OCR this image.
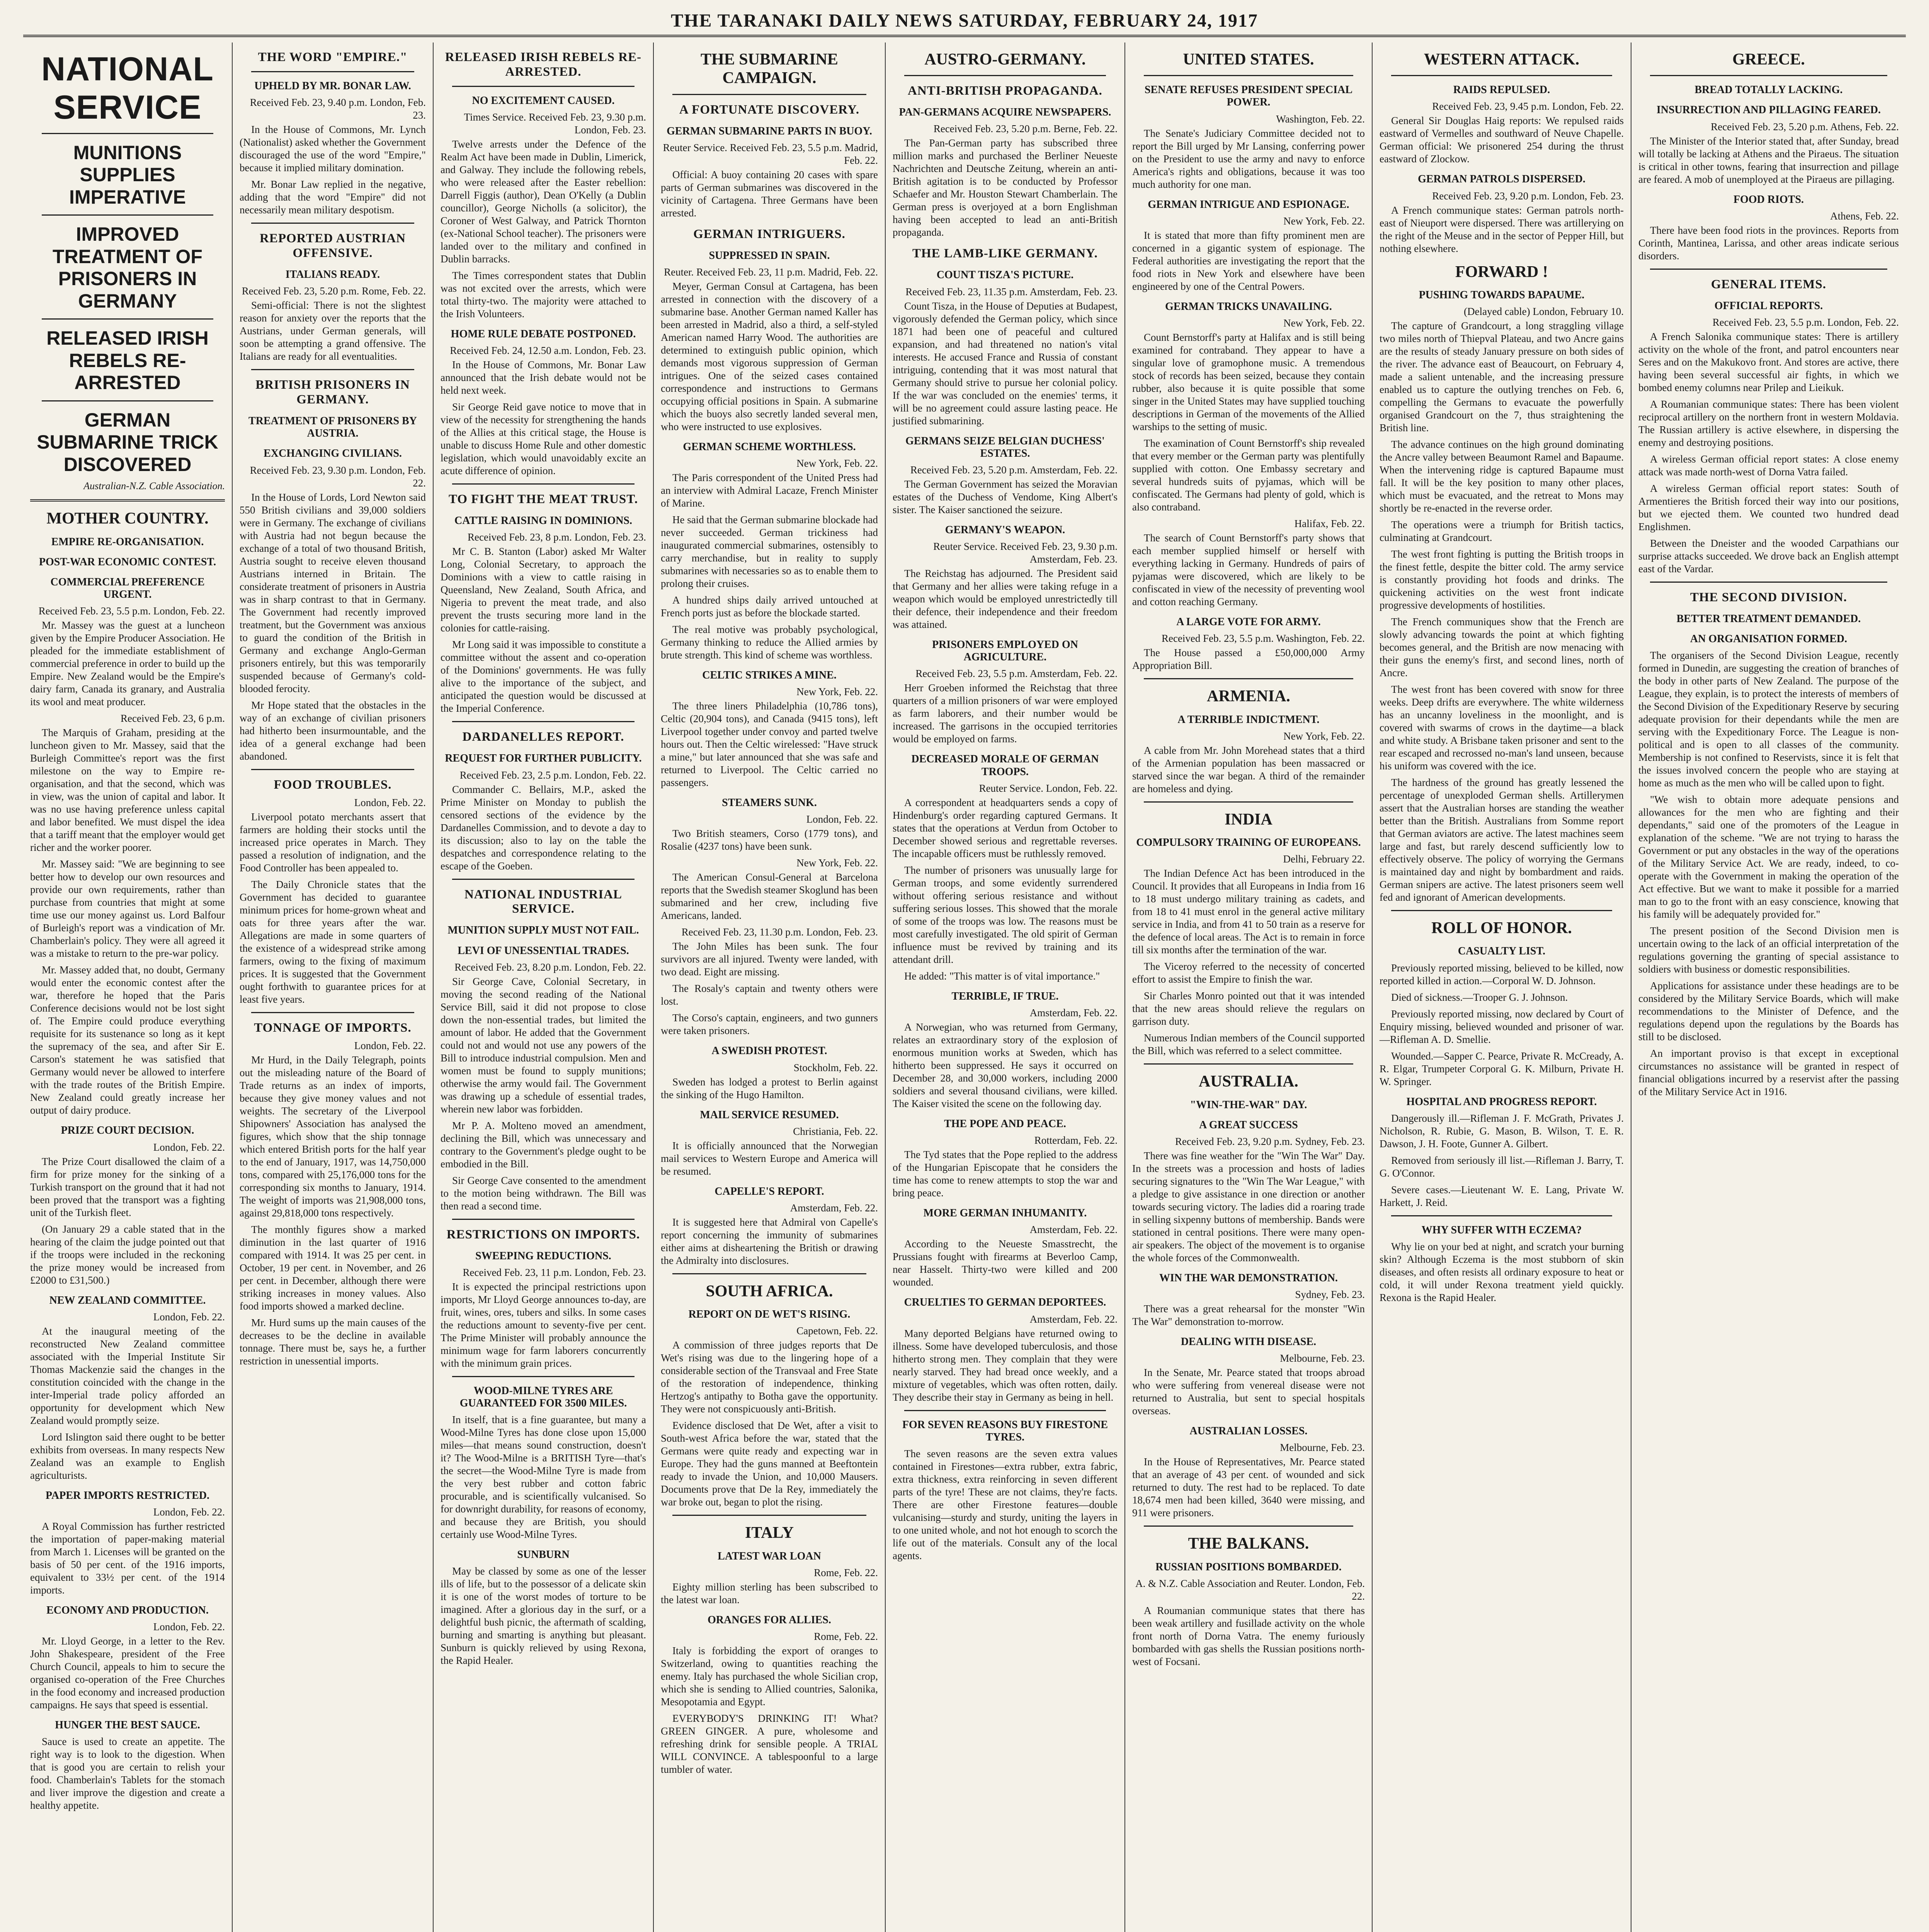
THE TARANAKI DAILY NEWS SATURDAY, FEBRUARY 24, 1917
NATIONAL SERVICE
MUNITIONS SUPPLIES IMPERATIVE
IMPROVED TREATMENT OF PRISONERS IN GERMANY
RELEASED IRISH REBELS RE-ARRESTED
GERMAN SUBMARINE TRICK DISCOVERED
Australian-N.Z. Cable Association.
MOTHER COUNTRY.
EMPIRE RE-ORGANISATION.
POST-WAR ECONOMIC CONTEST.
COMMERCIAL PREFERENCE URGENT.
Received Feb. 23, 5.5 p.m. London, Feb. 22.

Mr. Massey was the guest at a luncheon given by the Empire Producer Association. He pleaded for the immediate establishment of commercial preference in order to build up the Empire. New Zealand would be the Empire's dairy farm, Canada its granary, and Australia its wool and meat producer.

Received Feb. 23, 6 p.m.

The Marquis of Graham, presiding at the luncheon given to Mr. Massey, said that the Burleigh Committee's report was the first milestone on the way to Empire re-organisation, and that the second, which was in view, was the union of capital and labor. It was no use having preference unless capital and labor benefited. We must dispel the idea that a tariff meant that the employer would get richer and the worker poorer.

Mr. Massey said: "We are beginning to see better how to develop our own resources and provide our own requirements, rather than purchase from countries that might at some time use our money against us. Lord Balfour of Burleigh's report was a vindication of Mr. Chamberlain's policy. They were all agreed it was a mistake to return to the pre-war policy.

Mr. Massey added that, no doubt, Germany would enter the economic contest after the war, therefore he hoped that the Paris Conference decisions would not be lost sight of. The Empire could produce everything requisite for its sustenance so long as it kept the supremacy of the sea, and after Sir E. Carson's statement he was satisfied that Germany would never be allowed to interfere with the trade routes of the British Empire. New Zealand could greatly increase her output of dairy produce.

PRIZE COURT DECISION.
London, Feb. 22.

The Prize Court disallowed the claim of a firm for prize money for the sinking of a Turkish transport on the ground that it had not been proved that the transport was a fighting unit of the Turkish fleet.

(On January 29 a cable stated that in the hearing of the claim the judge pointed out that if the troops were included in the reckoning the prize money would be increased from £2000 to £31,500.)

NEW ZEALAND COMMITTEE.
London, Feb. 22.

At the inaugural meeting of the reconstructed New Zealand committee associated with the Imperial Institute Sir Thomas Mackenzie said the changes in the constitution coincided with the change in the inter-Imperial trade policy afforded an opportunity for development which New Zealand would promptly seize.

Lord Islington said there ought to be better exhibits from overseas. In many respects New Zealand was an example to English agriculturists.

PAPER IMPORTS RESTRICTED.
London, Feb. 22.

A Royal Commission has further restricted the importation of paper-making material from March 1. Licenses will be granted on the basis of 50 per cent. of the 1916 imports, equivalent to 33½ per cent. of the 1914 imports.

ECONOMY AND PRODUCTION.
London, Feb. 22.

Mr. Lloyd George, in a letter to the Rev. John Shakespeare, president of the Free Church Council, appeals to him to secure the organised co-operation of the Free Churches in the food economy and increased production campaigns. He says that speed is essential.

HUNGER THE BEST SAUCE.

Sauce is used to create an appetite. The right way is to look to the digestion. When that is good you are certain to relish your food. Chamberlain's Tablets for the stomach and liver improve the digestion and create a healthy appetite.

THE WORD "EMPIRE."
UPHELD BY MR. BONAR LAW.
Received Feb. 23, 9.40 p.m. London, Feb. 23.

In the House of Commons, Mr. Lynch (Nationalist) asked whether the Government discouraged the use of the word "Empire," because it implied military domination.

Mr. Bonar Law replied in the negative, adding that the word "Empire" did not necessarily mean military despotism.

REPORTED AUSTRIAN OFFENSIVE.
ITALIANS READY.
Received Feb. 23, 5.20 p.m. Rome, Feb. 22.

Semi-official: There is not the slightest reason for anxiety over the reports that the Austrians, under German generals, will soon be attempting a grand offensive. The Italians are ready for all eventualities.

BRITISH PRISONERS IN GERMANY.
TREATMENT OF PRISONERS BY AUSTRIA.
EXCHANGING CIVILIANS.
Received Feb. 23, 9.30 p.m. London, Feb. 22.

In the House of Lords, Lord Newton said 550 British civilians and 39,000 soldiers were in Germany. The exchange of civilians with Austria had not begun because the exchange of a total of two thousand British, Austria sought to receive eleven thousand Austrians interned in Britain. The considerate treatment of prisoners in Austria was in sharp contrast to that in Germany. The Government had recently improved treatment, but the Government was anxious to guard the condition of the British in Germany and exchange Anglo-German prisoners entirely, but this was temporarily suspended because of Germany's cold-blooded ferocity.

Mr Hope stated that the obstacles in the way of an exchange of civilian prisoners had hitherto been insurmountable, and the idea of a general exchange had been abandoned.

FOOD TROUBLES.
London, Feb. 22.

Liverpool potato merchants assert that farmers are holding their stocks until the increased price operates in March. They passed a resolution of indignation, and the Food Controller has been appealed to.

The Daily Chronicle states that the Government has decided to guarantee minimum prices for home-grown wheat and oats for three years after the war. Allegations are made in some quarters of the existence of a widespread strike among farmers, owing to the fixing of maximum prices. It is suggested that the Government ought forthwith to guarantee prices for at least five years.

TONNAGE OF IMPORTS.
London, Feb. 22.

Mr Hurd, in the Daily Telegraph, points out the misleading nature of the Board of Trade returns as an index of imports, because they give money values and not weights. The secretary of the Liverpool Shipowners' Association has analysed the figures, which show that the ship tonnage which entered British ports for the half year to the end of January, 1917, was 14,750,000 tons, compared with 25,176,000 tons for the corresponding six months to January, 1914. The weight of imports was 21,908,000 tons, against 29,818,000 tons respectively.

The monthly figures show a marked diminution in the last quarter of 1916 compared with 1914. It was 25 per cent. in October, 19 per cent. in November, and 26 per cent. in December, although there were striking increases in money values. Also food imports showed a marked decline.

Mr. Hurd sums up the main causes of the decreases to be the decline in available tonnage. There must be, says he, a further restriction in unessential imports.

RELEASED IRISH REBELS RE-ARRESTED.
NO EXCITEMENT CAUSED.
Times Service. Received Feb. 23, 9.30 p.m. London, Feb. 23.

Twelve arrests under the Defence of the Realm Act have been made in Dublin, Limerick, and Galway. They include the following rebels, who were released after the Easter rebellion: Darrell Figgis (author), Dean O'Kelly (a Dublin councillor), George Nicholls (a solicitor), the Coroner of West Galway, and Patrick Thornton (ex-National School teacher). The prisoners were landed over to the military and confined in Dublin barracks.

The Times correspondent states that Dublin was not excited over the arrests, which were total thirty-two. The majority were attached to the Irish Volunteers.

HOME RULE DEBATE POSTPONED.
Received Feb. 24, 12.50 a.m. London, Feb. 23.

In the House of Commons, Mr. Bonar Law announced that the Irish debate would not be held next week.

Sir George Reid gave notice to move that in view of the necessity for strengthening the hands of the Allies at this critical stage, the House is unable to discuss Home Rule and other domestic legislation, which would unavoidably excite an acute difference of opinion.

TO FIGHT THE MEAT TRUST.
CATTLE RAISING IN DOMINIONS.
Received Feb. 23, 8 p.m. London, Feb. 23.

Mr C. B. Stanton (Labor) asked Mr Walter Long, Colonial Secretary, to approach the Dominions with a view to cattle raising in Queensland, New Zealand, South Africa, and Nigeria to prevent the meat trade, and also prevent the trusts securing more land in the colonies for cattle-raising.

Mr Long said it was impossible to constitute a committee without the assent and co-operation of the Dominions' governments. He was fully alive to the importance of the subject, and anticipated the question would be discussed at the Imperial Conference.

DARDANELLES REPORT.
REQUEST FOR FURTHER PUBLICITY.
Received Feb. 23, 2.5 p.m. London, Feb. 22.

Commander C. Bellairs, M.P., asked the Prime Minister on Monday to publish the censored sections of the evidence by the Dardanelles Commission, and to devote a day to its discussion; also to lay on the table the despatches and correspondence relating to the escape of the Goeben.

NATIONAL INDUSTRIAL SERVICE.
MUNITION SUPPLY MUST NOT FAIL.
LEVI OF UNESSENTIAL TRADES.
Received Feb. 23, 8.20 p.m. London, Feb. 22.

Sir George Cave, Colonial Secretary, in moving the second reading of the National Service Bill, said it did not propose to close down the non-essential trades, but limited the amount of labor. He added that the Government could not and would not use any powers of the Bill to introduce industrial compulsion. Men and women must be found to supply munitions; otherwise the army would fail. The Government was drawing up a schedule of essential trades, wherein new labor was forbidden.

Mr P. A. Molteno moved an amendment, declining the Bill, which was unnecessary and contrary to the Government's pledge ought to be embodied in the Bill.

Sir George Cave consented to the amendment to the motion being withdrawn. The Bill was then read a second time.

RESTRICTIONS ON IMPORTS.
SWEEPING REDUCTIONS.
Received Feb. 23, 11 p.m. London, Feb. 23.

It is expected the principal restrictions upon imports, Mr Lloyd George announces to-day, are fruit, wines, ores, tubers and silks. In some cases the reductions amount to seventy-five per cent. The Prime Minister will probably announce the minimum wage for farm laborers concurrently with the minimum grain prices.

WOOD-MILNE TYRES ARE GUARANTEED FOR 3500 MILES.

In itself, that is a fine guarantee, but many a Wood-Milne Tyres has done close upon 15,000 miles—that means sound construction, doesn't it? The Wood-Milne is a BRITISH Tyre—that's the secret—the Wood-Milne Tyre is made from the very best rubber and cotton fabric procurable, and is scientifically vulcanised. So for downright durability, for reasons of economy, and because they are British, you should certainly use Wood-Milne Tyres.

SUNBURN

May be classed by some as one of the lesser ills of life, but to the possessor of a delicate skin it is one of the worst modes of torture to be imagined. After a glorious day in the surf, or a delightful bush picnic, the aftermath of scalding, burning and smarting is anything but pleasant. Sunburn is quickly relieved by using Rexona, the Rapid Healer.

THE SUBMARINE CAMPAIGN.
A FORTUNATE DISCOVERY.
GERMAN SUBMARINE PARTS IN BUOY.
Reuter Service. Received Feb. 23, 5.5 p.m. Madrid, Feb. 22.

Official: A buoy containing 20 cases with spare parts of German submarines was discovered in the vicinity of Cartagena. Three Germans have been arrested.

GERMAN INTRIGUERS.
SUPPRESSED IN SPAIN.
Reuter. Received Feb. 23, 11 p.m. Madrid, Feb. 22.

Meyer, German Consul at Cartagena, has been arrested in connection with the discovery of a submarine base. Another German named Kaller has been arrested in Madrid, also a third, a self-styled American named Harry Wood. The authorities are determined to extinguish public opinion, which demands most vigorous suppression of German intrigues. One of the seized cases contained correspondence and instructions to Germans occupying official positions in Spain. A submarine which the buoys also secretly landed several men, who were instructed to use explosives.

GERMAN SCHEME WORTHLESS.
New York, Feb. 22.

The Paris correspondent of the United Press had an interview with Admiral Lacaze, French Minister of Marine.

He said that the German submarine blockade had never succeeded. German trickiness had inaugurated commercial submarines, ostensibly to carry merchandise, but in reality to supply submarines with necessaries so as to enable them to prolong their cruises.

A hundred ships daily arrived untouched at French ports just as before the blockade started.

The real motive was probably psychological, Germany thinking to reduce the Allied armies by brute strength. This kind of scheme was worthless.

CELTIC STRIKES A MINE.
New York, Feb. 22.

The three liners Philadelphia (10,786 tons), Celtic (20,904 tons), and Canada (9415 tons), left Liverpool together under convoy and parted twelve hours out. Then the Celtic wirelessed: "Have struck a mine," but later announced that she was safe and returned to Liverpool. The Celtic carried no passengers.

STEAMERS SUNK.
London, Feb. 22.

Two British steamers, Corso (1779 tons), and Rosalie (4237 tons) have been sunk.

New York, Feb. 22.

The American Consul-General at Barcelona reports that the Swedish steamer Skoglund has been submarined and her crew, including five Americans, landed.

Received Feb. 23, 11.30 p.m. London, Feb. 23.

The John Miles has been sunk. The four survivors are all injured. Twenty were landed, with two dead. Eight are missing.

The Rosaly's captain and twenty others were lost.

The Corso's captain, engineers, and two gunners were taken prisoners.

A SWEDISH PROTEST.
Stockholm, Feb. 22.

Sweden has lodged a protest to Berlin against the sinking of the Hugo Hamilton.

MAIL SERVICE RESUMED.
Christiania, Feb. 22.

It is officially announced that the Norwegian mail services to Western Europe and America will be resumed.

CAPELLE'S REPORT.
Amsterdam, Feb. 22.

It is suggested here that Admiral von Capelle's report concerning the immunity of submarines either aims at disheartening the British or drawing the Admiralty into disclosures.

SOUTH AFRICA.
REPORT ON DE WET'S RISING.
Capetown, Feb. 22.

A commission of three judges reports that De Wet's rising was due to the lingering hope of a considerable section of the Transvaal and Free State of the restoration of independence, thinking Hertzog's antipathy to Botha gave the opportunity. They were not conspicuously anti-British.

Evidence disclosed that De Wet, after a visit to South-west Africa before the war, stated that the Germans were quite ready and expecting war in Europe. They had the guns manned at Beeftontein ready to invade the Union, and 10,000 Mausers. Documents prove that De la Rey, immediately the war broke out, began to plot the rising.

ITALY
LATEST WAR LOAN
Rome, Feb. 22.

Eighty million sterling has been subscribed to the latest war loan.

ORANGES FOR ALLIES.
Rome, Feb. 22.

Italy is forbidding the export of oranges to Switzerland, owing to quantities reaching the enemy. Italy has purchased the whole Sicilian crop, which she is sending to Allied countries, Salonika, Mesopotamia and Egypt.

EVERYBODY'S DRINKING IT! What? GREEN GINGER. A pure, wholesome and refreshing drink for sensible people. A TRIAL WILL CONVINCE. A tablespoonful to a large tumbler of water.

AUSTRO-GERMANY.
ANTI-BRITISH PROPAGANDA.
PAN-GERMANS ACQUIRE NEWSPAPERS.
Received Feb. 23, 5.20 p.m. Berne, Feb. 22.

The Pan-German party has subscribed three million marks and purchased the Berliner Neueste Nachrichten and Deutsche Zeitung, wherein an anti-British agitation is to be conducted by Professor Schaefer and Mr. Houston Stewart Chamberlain. The German press is overjoyed at a born Englishman having been accepted to lead an anti-British propaganda.

THE LAMB-LIKE GERMANY.
COUNT TISZA'S PICTURE.
Received Feb. 23, 11.35 p.m. Amsterdam, Feb. 23.

Count Tisza, in the House of Deputies at Budapest, vigorously defended the German policy, which since 1871 had been one of peaceful and cultured expansion, and had threatened no nation's vital interests. He accused France and Russia of constant intriguing, contending that it was most natural that Germany should strive to pursue her colonial policy. If the war was concluded on the enemies' terms, it will be no agreement could assure lasting peace. He justified submarining.

GERMANS SEIZE BELGIAN DUCHESS' ESTATES.
Received Feb. 23, 5.20 p.m. Amsterdam, Feb. 22.

The German Government has seized the Moravian estates of the Duchess of Vendome, King Albert's sister. The Kaiser sanctioned the seizure.

GERMANY'S WEAPON.
Reuter Service. Received Feb. 23, 9.30 p.m. Amsterdam, Feb. 23.

The Reichstag has adjourned. The President said that Germany and her allies were taking refuge in a weapon which would be employed unrestrictedly till their defence, their independence and their freedom was attained.

PRISONERS EMPLOYED ON AGRICULTURE.
Received Feb. 23, 5.5 p.m. Amsterdam, Feb. 22.

Herr Groeben informed the Reichstag that three quarters of a million prisoners of war were employed as farm laborers, and their number would be increased. The garrisons in the occupied territories would be employed on farms.

DECREASED MORALE OF GERMAN TROOPS.
Reuter Service. London, Feb. 22.

A correspondent at headquarters sends a copy of Hindenburg's order regarding captured Germans. It states that the operations at Verdun from October to December showed serious and regrettable reverses. The incapable officers must be ruthlessly removed.

The number of prisoners was unusually large for German troops, and some evidently surrendered without offering serious resistance and without suffering serious losses. This showed that the morale of some of the troops was low. The reasons must be most carefully investigated. The old spirit of German influence must be revived by training and its attendant drill.

He added: "This matter is of vital importance."

TERRIBLE, IF TRUE.
Amsterdam, Feb. 22.

A Norwegian, who was returned from Germany, relates an extraordinary story of the explosion of enormous munition works at Sweden, which has hitherto been suppressed. He says it occurred on December 28, and 30,000 workers, including 2000 soldiers and several thousand civilians, were killed. The Kaiser visited the scene on the following day.

THE POPE AND PEACE.
Rotterdam, Feb. 22.

The Tyd states that the Pope replied to the address of the Hungarian Episcopate that he considers the time has come to renew attempts to stop the war and bring peace.

MORE GERMAN INHUMANITY.
Amsterdam, Feb. 22.

According to the Neueste Smasstrecht, the Prussians fought with firearms at Beverloo Camp, near Hasselt. Thirty-two were killed and 200 wounded.

CRUELTIES TO GERMAN DEPORTEES.
Amsterdam, Feb. 22.

Many deported Belgians have returned owing to illness. Some have developed tuberculosis, and those hitherto strong men. They complain that they were nearly starved. They had bread once weekly, and a mixture of vegetables, which was often rotten, daily. They describe their stay in Germany as being in hell.

FOR SEVEN REASONS BUY FIRESTONE TYRES.

The seven reasons are the seven extra values contained in Firestones—extra rubber, extra fabric, extra thickness, extra reinforcing in seven different parts of the tyre! These are not claims, they're facts. There are other Firestone features—double vulcanising—sturdy and sturdy, uniting the layers in to one united whole, and not hot enough to scorch the life out of the materials. Consult any of the local agents.

UNITED STATES.
SENATE REFUSES PRESIDENT SPECIAL POWER.
Washington, Feb. 22.

The Senate's Judiciary Committee decided not to report the Bill urged by Mr Lansing, conferring power on the President to use the army and navy to enforce America's rights and obligations, because it was too much authority for one man.

GERMAN INTRIGUE AND ESPIONAGE.
New York, Feb. 22.

It is stated that more than fifty prominent men are concerned in a gigantic system of espionage. The Federal authorities are investigating the report that the food riots in New York and elsewhere have been engineered by one of the Central Powers.

GERMAN TRICKS UNAVAILING.
New York, Feb. 22.

Count Bernstorff's party at Halifax and is still being examined for contraband. They appear to have a singular love of gramophone music. A tremendous stock of records has been seized, because they contain rubber, also because it is quite possible that some singer in the United States may have supplied touching descriptions in German of the movements of the Allied warships to the setting of music.

The examination of Count Bernstorff's ship revealed that every member or the German party was plentifully supplied with cotton. One Embassy secretary and several hundreds suits of pyjamas, which will be confiscated. The Germans had plenty of gold, which is also contraband.

Halifax, Feb. 22.

The search of Count Bernstorff's party shows that each member supplied himself or herself with everything lacking in Germany. Hundreds of pairs of pyjamas were discovered, which are likely to be confiscated in view of the necessity of preventing wool and cotton reaching Germany.

A LARGE VOTE FOR ARMY.
Received Feb. 23, 5.5 p.m. Washington, Feb. 22.

The House passed a £50,000,000 Army Appropriation Bill.

ARMENIA.
A TERRIBLE INDICTMENT.
New York, Feb. 22.

A cable from Mr. John Morehead states that a third of the Armenian population has been massacred or starved since the war began. A third of the remainder are homeless and dying.

INDIA
COMPULSORY TRAINING OF EUROPEANS.
Delhi, February 22.

The Indian Defence Act has been introduced in the Council. It provides that all Europeans in India from 16 to 18 must undergo military training as cadets, and from 18 to 41 must enrol in the general active military service in India, and from 41 to 50 train as a reserve for the defence of local areas. The Act is to remain in force till six months after the termination of the war.

The Viceroy referred to the necessity of concerted effort to assist the Empire to finish the war.

Sir Charles Monro pointed out that it was intended that the new areas should relieve the regulars on garrison duty.

Numerous Indian members of the Council supported the Bill, which was referred to a select committee.

AUSTRALIA.
"WIN-THE-WAR" DAY.
A GREAT SUCCESS
Received Feb. 23, 9.20 p.m. Sydney, Feb. 23.

There was fine weather for the "Win The War" Day. In the streets was a procession and hosts of ladies securing signatures to the "Win The War League," with a pledge to give assistance in one direction or another towards securing victory. The ladies did a roaring trade in selling sixpenny buttons of membership. Bands were stationed in central positions. There were many open-air speakers. The object of the movement is to organise the whole forces of the Commonwealth.

WIN THE WAR DEMONSTRATION.
Sydney, Feb. 23.

There was a great rehearsal for the monster "Win The War" demonstration to-morrow.

DEALING WITH DISEASE.
Melbourne, Feb. 23.

In the Senate, Mr. Pearce stated that troops abroad who were suffering from venereal disease were not returned to Australia, but sent to special hospitals overseas.

AUSTRALIAN LOSSES.
Melbourne, Feb. 23.

In the House of Representatives, Mr. Pearce stated that an average of 43 per cent. of wounded and sick returned to duty. The rest had to be replaced. To date 18,674 men had been killed, 3640 were missing, and 911 were prisoners.

THE BALKANS.
RUSSIAN POSITIONS BOMBARDED.
A. & N.Z. Cable Association and Reuter. London, Feb. 22.

A Roumanian communique states that there has been weak artillery and fusillade activity on the whole front north of Dorna Vatra. The enemy furiously bombarded with gas shells the Russian positions north-west of Focsani.

WESTERN ATTACK.
RAIDS REPULSED.
Received Feb. 23, 9.45 p.m. London, Feb. 22.

General Sir Douglas Haig reports: We repulsed raids eastward of Vermelles and southward of Neuve Chapelle. German official: We prisonered 254 during the thrust eastward of Zlockow.

GERMAN PATROLS DISPERSED.
Received Feb. 23, 9.20 p.m. London, Feb. 23.

A French communique states: German patrols north-east of Nieuport were dispersed. There was artillerying on the right of the Meuse and in the sector of Pepper Hill, but nothing elsewhere.

FORWARD !
PUSHING TOWARDS BAPAUME.
(Delayed cable) London, February 10.

The capture of Grandcourt, a long straggling village two miles north of Thiepval Plateau, and two Ancre gains are the results of steady January pressure on both sides of the river. The advance east of Beaucourt, on February 4, made a salient untenable, and the increasing pressure enabled us to capture the outlying trenches on Feb. 6, compelling the Germans to evacuate the powerfully organised Grandcourt on the 7, thus straightening the British line.

The advance continues on the high ground dominating the Ancre valley between Beaumont Ramel and Bapaume. When the intervening ridge is captured Bapaume must fall. It will be the key position to many other places, which must be evacuated, and the retreat to Mons may shortly be re-enacted in the reverse order.

The operations were a triumph for British tactics, culminating at Grandcourt.

The west front fighting is putting the British troops in the finest fettle, despite the bitter cold. The army service is constantly providing hot foods and drinks. The quickening activities on the west front indicate progressive developments of hostilities.

The French communiques show that the French are slowly advancing towards the point at which fighting becomes general, and the British are now menacing with their guns the enemy's first, and second lines, north of Ancre.

The west front has been covered with snow for three weeks. Deep drifts are everywhere. The white wilderness has an uncanny loveliness in the moonlight, and is covered with swarms of crows in the daytime—a black and white study. A Brisbane taken prisoner and sent to the rear escaped and recrossed no-man's land unseen, because his uniform was covered with the ice.

The hardness of the ground has greatly lessened the percentage of unexploded German shells. Artillerymen assert that the Australian horses are standing the weather better than the British. Australians from Somme report that German aviators are active. The latest machines seem large and fast, but rarely descend sufficiently low to effectively observe. The policy of worrying the Germans is maintained day and night by bombardment and raids. German snipers are active. The latest prisoners seem well fed and ignorant of American developments.

ROLL OF HONOR.
CASUALTY LIST.

Previously reported missing, believed to be killed, now reported killed in action.—Corporal W. D. Johnson.

Died of sickness.—Trooper G. J. Johnson.

Previously reported missing, now declared by Court of Enquiry missing, believed wounded and prisoner of war.—Rifleman A. D. Smellie.

Wounded.—Sapper C. Pearce, Private R. McCready, A. R. Elgar, Trumpeter Corporal G. K. Milburn, Private H. W. Springer.

HOSPITAL AND PROGRESS REPORT.

Dangerously ill.—Rifleman J. F. McGrath, Privates J. Nicholson, R. Rubie, G. Mason, B. Wilson, T. E. R. Dawson, J. H. Foote, Gunner A. Gilbert.

Removed from seriously ill list.—Rifleman J. Barry, T. G. O'Connor.

Severe cases.—Lieutenant W. E. Lang, Private W. Harkett, J. Reid.

WHY SUFFER WITH ECZEMA?

Why lie on your bed at night, and scratch your burning skin? Although Eczema is the most stubborn of skin diseases, and often resists all ordinary exposure to heat or cold, it will under Rexona treatment yield quickly. Rexona is the Rapid Healer.

GREECE.
BREAD TOTALLY LACKING.
INSURRECTION AND PILLAGING FEARED.
Received Feb. 23, 5.20 p.m. Athens, Feb. 22.

The Minister of the Interior stated that, after Sunday, bread will totally be lacking at Athens and the Piraeus. The situation is critical in other towns, fearing that insurrection and pillage are feared. A mob of unemployed at the Piraeus are pillaging.

FOOD RIOTS.
Athens, Feb. 22.

There have been food riots in the provinces. Reports from Corinth, Mantinea, Larissa, and other areas indicate serious disorders.

GENERAL ITEMS.
OFFICIAL REPORTS.
Received Feb. 23, 5.5 p.m. London, Feb. 22.

A French Salonika communique states: There is artillery activity on the whole of the front, and patrol encounters near Seres and on the Makukovo front. And stores are active, there having been several successful air fights, in which we bombed enemy columns near Prilep and Lieikuk.

A Roumanian communique states: There has been violent reciprocal artillery on the northern front in western Moldavia. The Russian artillery is active elsewhere, in dispersing the enemy and destroying positions.

A wireless German official report states: A close enemy attack was made north-west of Dorna Vatra failed.

A wireless German official report states: South of Armentieres the British forced their way into our positions, but we ejected them. We counted two hundred dead Englishmen.

Between the Dneister and the wooded Carpathians our surprise attacks succeeded. We drove back an English attempt east of the Vardar.

THE SECOND DIVISION.
BETTER TREATMENT DEMANDED.
AN ORGANISATION FORMED.

The organisers of the Second Division League, recently formed in Dunedin, are suggesting the creation of branches of the body in other parts of New Zealand. The purpose of the League, they explain, is to protect the interests of members of the Second Division of the Expeditionary Reserve by securing adequate provision for their dependants while the men are serving with the Expeditionary Force. The League is non-political and is open to all classes of the community. Membership is not confined to Reservists, since it is felt that the issues involved concern the people who are staying at home as much as the men who will be called upon to fight.

"We wish to obtain more adequate pensions and allowances for the men who are fighting and their dependants," said one of the promoters of the League in explanation of the scheme. "We are not trying to harass the Government or put any obstacles in the way of the operations of the Military Service Act. We are ready, indeed, to co-operate with the Government in making the operation of the Act effective. But we want to make it possible for a married man to go to the front with an easy conscience, knowing that his family will be adequately provided for."

The present position of the Second Division men is uncertain owing to the lack of an official interpretation of the regulations governing the granting of special assistance to soldiers with business or domestic responsibilities.

Applications for assistance under these headings are to be considered by the Military Service Boards, which will make recommendations to the Minister of Defence, and the regulations depend upon the regulations by the Boards has still to be disclosed.

An important proviso is that except in exceptional circumstances no assistance will be granted in respect of financial obligations incurred by a reservist after the passing of the Military Service Act in 1916.
